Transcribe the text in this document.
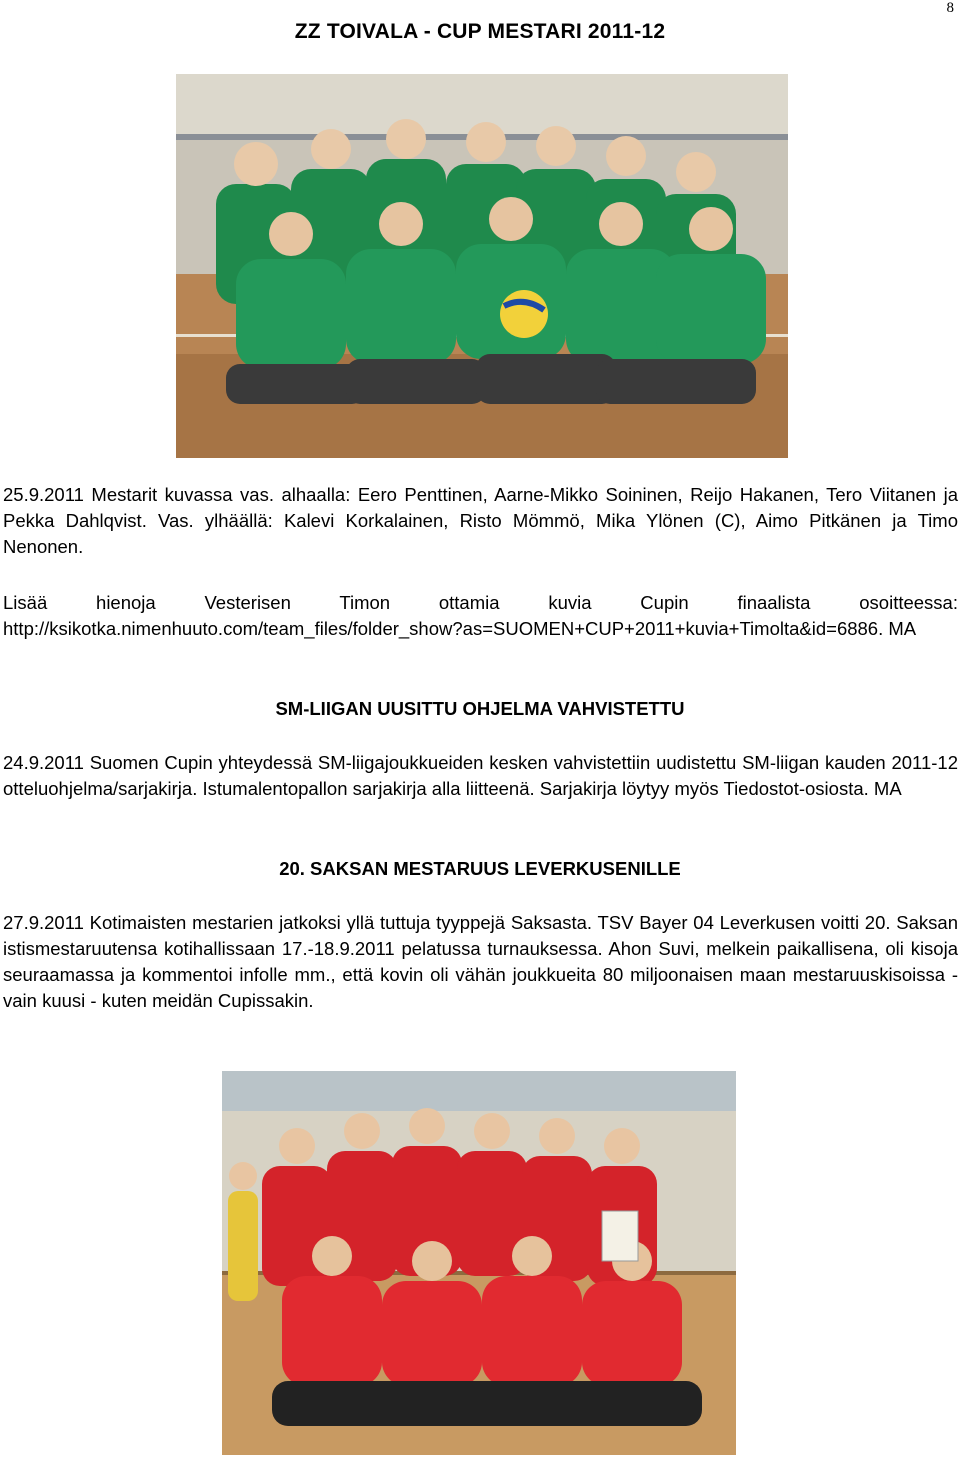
8
ZZ TOIVALA - CUP MESTARI 2011-12
25.9.2011 Mestarit kuvassa vas. alhaalla: Eero Penttinen, Aarne-Mikko Soininen, Reijo Hakanen, Tero Viitanen ja Pekka Dahlqvist. Vas. ylhäällä: Kalevi Korkalainen, Risto Mömmö, Mika Ylönen (C), Aimo Pitkänen ja Timo Nenonen.
Lisää hienoja Vesterisen Timon ottamia kuvia Cupin finaalista osoitteessa: http://ksikotka.nimenhuuto.com/team_files/folder_show?as=SUOMEN+CUP+2011+kuvia+Timolta&id=6886. MA
SM-LIIGAN UUSITTU OHJELMA VAHVISTETTU
24.9.2011 Suomen Cupin yhteydessä SM-liigajoukkueiden kesken vahvistettiin uudistettu SM-liigan kauden 2011-12 otteluohjelma/sarjakirja. Istumalentopallon sarjakirja alla liitteenä. Sarjakirja löytyy myös Tiedostot-osiosta. MA
20. SAKSAN MESTARUUS LEVERKUSENILLE
27.9.2011 Kotimaisten mestarien jatkoksi yllä tuttuja tyyppejä Saksasta. TSV Bayer 04 Leverkusen voitti 20. Saksan istismestaruutensa kotihallissaan 17.-18.9.2011 pelatussa turnauksessa. Ahon Suvi, melkein paikallisena, oli kisoja seuraamassa ja kommentoi infolle mm., että kovin oli vähän joukkueita 80 miljoonaisen maan mestaruuskisoissa - vain kuusi - kuten meidän Cupissakin.
